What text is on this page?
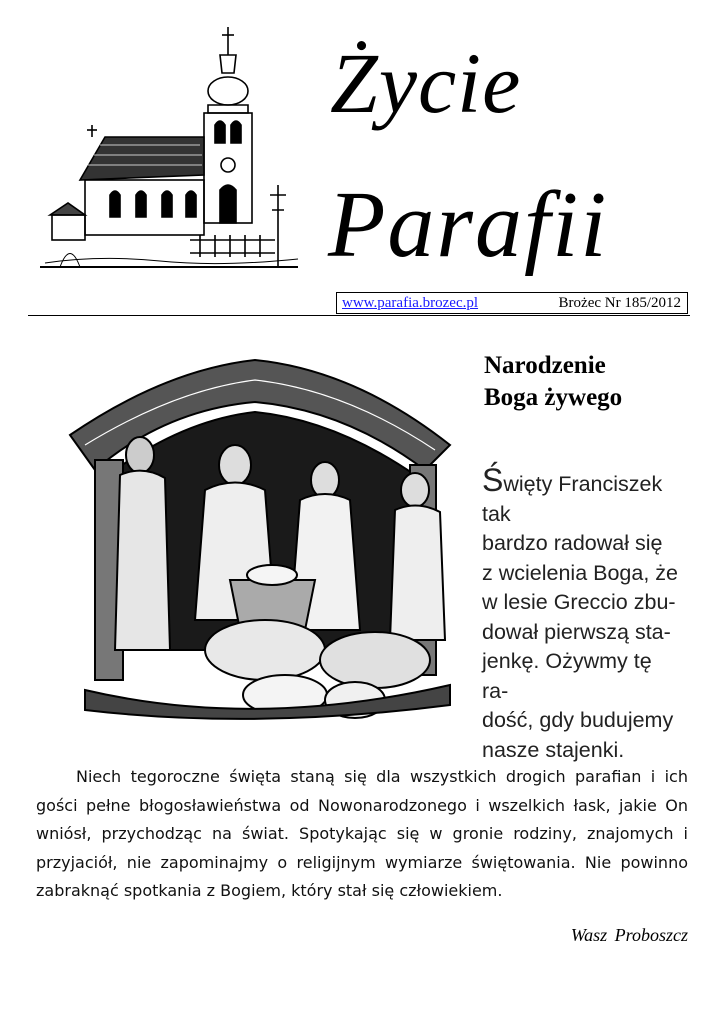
Życie
Parafii
www.parafia.brozec.pl	Brożec Nr 185/2012
Narodzenie
Boga żywego
Święty Franciszek tak
bardzo radował się
z wcielenia Boga, że
w lesie Greccio zbu-
dował pierwszą sta-
jenkę. Ożywmy tę ra-
dość, gdy budujemy
nasze stajenki.
Niech tegoroczne święta staną się dla wszystkich drogich parafian i ich gości pełne błogosławieństwa od Nowonarodzonego i wszelkich łask, jakie On wniósł, przychodząc na świat. Spotykając się w gronie rodziny, znajomych i przyjaciół, nie zapominajmy o religijnym wymiarze świętowania. Nie powinno zabraknąć spotkania z Bogiem, który stał się człowiekiem.
Wasz Proboszcz
